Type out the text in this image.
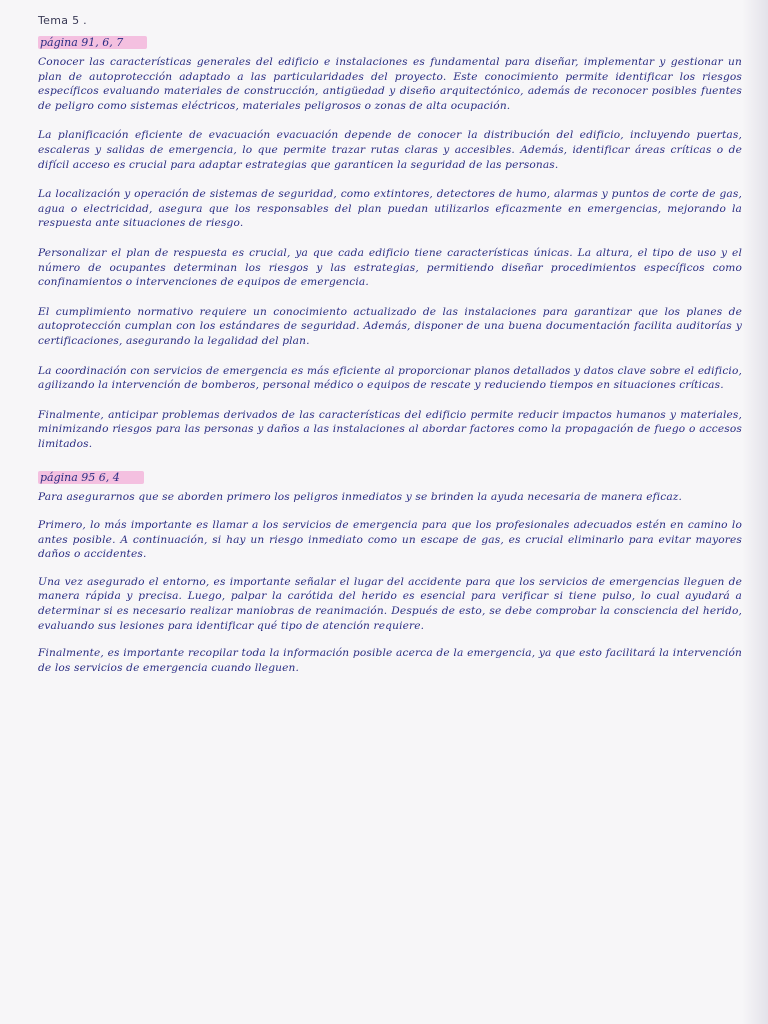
Tema 5 .
página 91, 6, 7

Conocer las características generales del edificio e instalaciones es fundamental para diseñar, implementar y gestionar un plan de autoprotección adaptado a las particularidades del proyecto. Este conocimiento permite identificar los riesgos específicos evaluando materiales de construcción, antigüedad y diseño arquitectónico, además de reconocer posibles fuentes de peligro como sistemas eléctricos, materiales peligrosos o zonas de alta ocupación.

La planificación eficiente de evacuación evacuación depende de conocer la distribución del edificio, incluyendo puertas, escaleras y salidas de emergencia, lo que permite trazar rutas claras y accesibles. Además, identificar áreas críticas o de difícil acceso es crucial para adaptar estrategias que garanticen la seguridad de las personas.

La localización y operación de sistemas de seguridad, como extintores, detectores de humo, alarmas y puntos de corte de gas, agua o electricidad, asegura que los responsables del plan puedan utilizarlos eficazmente en emergencias, mejorando la respuesta ante situaciones de riesgo.

Personalizar el plan de respuesta es crucial, ya que cada edificio tiene características únicas. La altura, el tipo de uso y el número de ocupantes determinan los riesgos y las estrategias, permitiendo diseñar procedimientos específicos como confinamientos o intervenciones de equipos de emergencia.

El cumplimiento normativo requiere un conocimiento actualizado de las instalaciones para garantizar que los planes de autoprotección cumplan con los estándares de seguridad. Además, disponer de una buena documentación facilita auditorías y certificaciones, asegurando la legalidad del plan.

La coordinación con servicios de emergencia es más eficiente al proporcionar planos detallados y datos clave sobre el edificio, agilizando la intervención de bomberos, personal médico o equipos de rescate y reduciendo tiempos en situaciones críticas.

Finalmente, anticipar problemas derivados de las características del edificio permite reducir impactos humanos y materiales, minimizando riesgos para las personas y daños a las instalaciones al abordar factores como la propagación de fuego o accesos limitados.

página 95 6, 4

Para asegurarnos que se aborden primero los peligros inmediatos y se brinden la ayuda necesaria de manera eficaz.

Primero, lo más importante es llamar a los servicios de emergencia para que los profesionales adecuados estén en camino lo antes posible. A continuación, si hay un riesgo inmediato como un escape de gas, es crucial eliminarlo para evitar mayores daños o accidentes.

Una vez asegurado el entorno, es importante señalar el lugar del accidente para que los servicios de emergencias lleguen de manera rápida y precisa. Luego, palpar la carótida del herido es esencial para verificar si tiene pulso, lo cual ayudará a determinar si es necesario realizar maniobras de reanimación. Después de esto, se debe comprobar la consciencia del herido, evaluando sus lesiones para identificar qué tipo de atención requiere.

Finalmente, es importante recopilar toda la información posible acerca de la emergencia, ya que esto facilitará la intervención de los servicios de emergencia cuando lleguen.
